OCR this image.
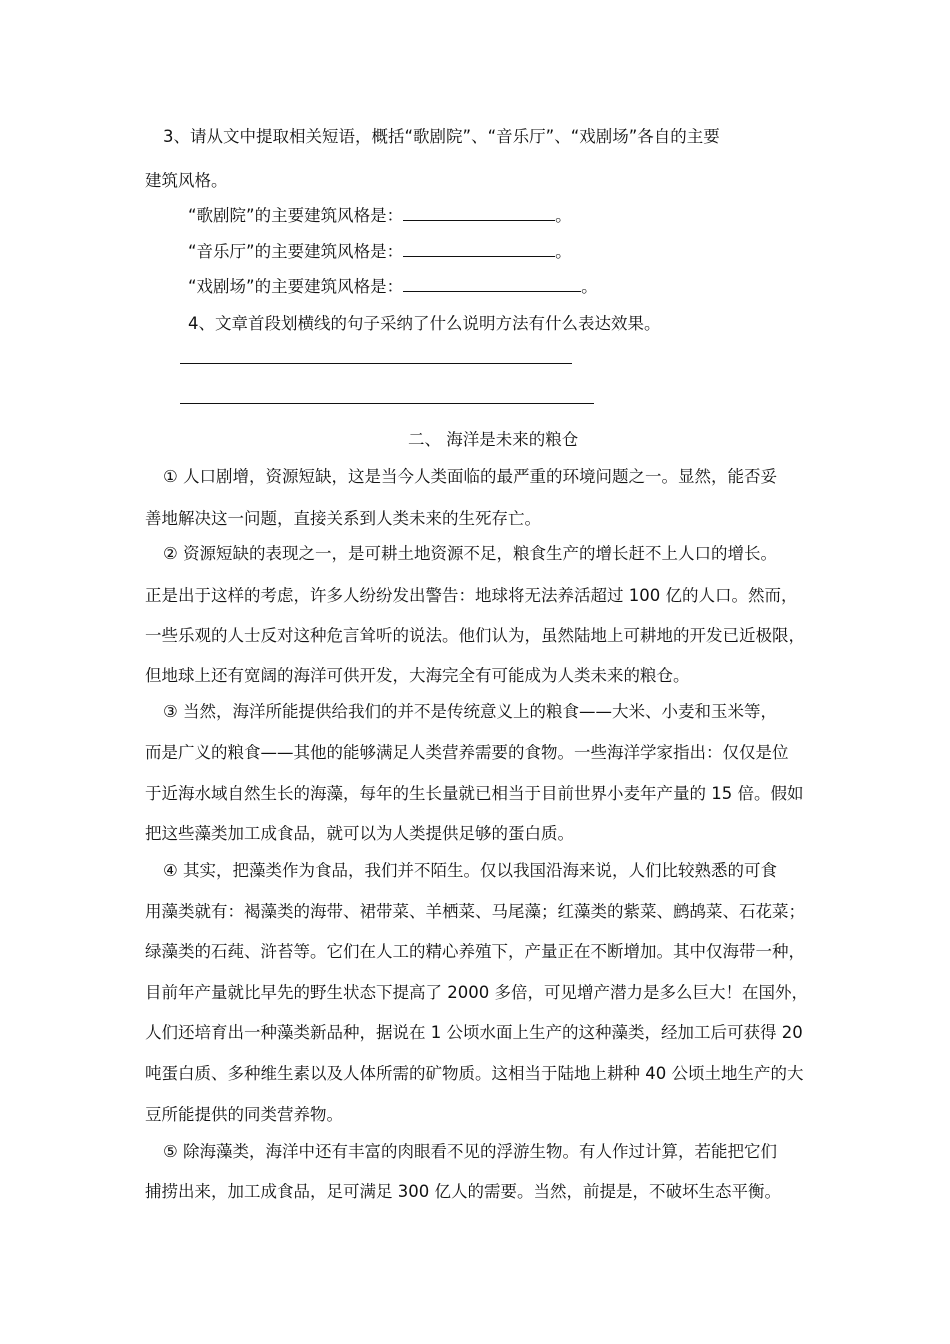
3、请从文中提取相关短语，概括“歌剧院”、“音乐厅”、“戏剧场”各自的主要
建筑风格。
“歌剧院”的主要建筑风格是：	。
“音乐厅”的主要建筑风格是：	。
“戏剧场”的主要建筑风格是：	。
4、文章首段划横线的句子采纳了什么说明方法有什么表达效果。
二、 海洋是未来的粮仓
① 人口剧增，资源短缺，这是当今人类面临的最严重的环境问题之一。显然，能否妥
善地解决这一问题，直接关系到人类未来的生死存亡。
② 资源短缺的表现之一，是可耕土地资源不足，粮食生产的增长赶不上人口的增长。
正是出于这样的考虑，许多人纷纷发出警告：地球将无法养活超过 100 亿的人口。然而，
一些乐观的人士反对这种危言耸听的说法。他们认为，虽然陆地上可耕地的开发已近极限，
但地球上还有宽阔的海洋可供开发，大海完全有可能成为人类未来的粮仓。
③ 当然，海洋所能提供给我们的并不是传统意义上的粮食——大米、小麦和玉米等，
而是广义的粮食——其他的能够满足人类营养需要的食物。一些海洋学家指出：仅仅是位
于近海水域自然生长的海藻，每年的生长量就已相当于目前世界小麦年产量的 15 倍。假如
把这些藻类加工成食品，就可以为人类提供足够的蛋白质。
④ 其实，把藻类作为食品，我们并不陌生。仅以我国沿海来说，人们比较熟悉的可食
用藻类就有：褐藻类的海带、裙带菜、羊栖菜、马尾藻；红藻类的紫菜、鹧鸪菜、石花菜；
绿藻类的石莼、浒苔等。它们在人工的精心养殖下，产量正在不断增加。其中仅海带一种，
目前年产量就比早先的野生状态下提高了 2000 多倍，可见增产潜力是多么巨大！在国外，
人们还培育出一种藻类新品种，据说在 1 公顷水面上生产的这种藻类，经加工后可获得 20
吨蛋白质、多种维生素以及人体所需的矿物质。这相当于陆地上耕种 40 公顷土地生产的大
豆所能提供的同类营养物。
⑤ 除海藻类，海洋中还有丰富的肉眼看不见的浮游生物。有人作过计算，若能把它们
捕捞出来，加工成食品，足可满足 300 亿人的需要。当然，前提是，不破坏生态平衡。
